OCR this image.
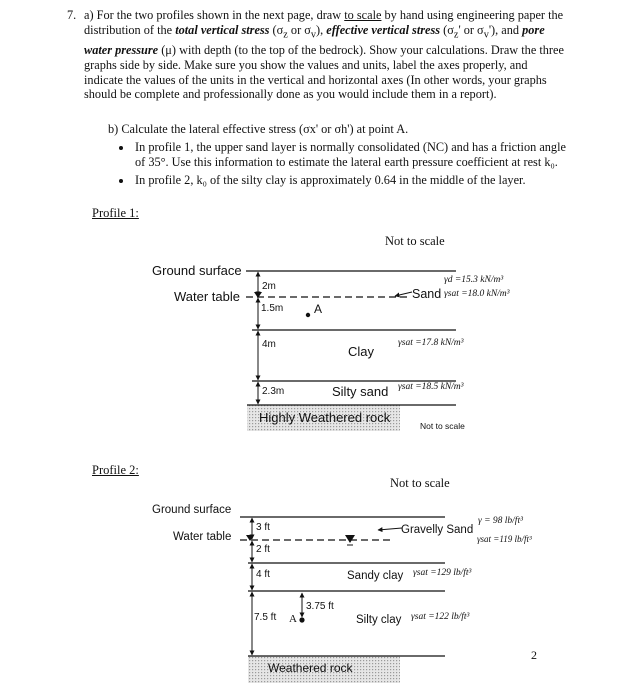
7. a) For the two profiles shown in the next page, draw to scale by hand using engineering paper the distribution of the total vertical stress ($\sigma_z$ or $\sigma_v$), effective vertical stress ($\sigma_z'$ or $\sigma_v'$), and pore water pressure (μ) with depth (to the top of the bedrock). Show your calculations. Draw the three graphs side by side. Make sure you show the values and units, label the axes properly, and indicate the values of the units in the vertical and horizontal axes (In other words, your graphs should be complete and professionally done as you would include them in a report).
b) Calculate the lateral effective stress (σx' or σh') at point A.
• In profile 1, the upper sand layer is normally consolidated (NC) and has a friction angle of 35°. Use this information to estimate the lateral earth pressure coefficient at rest k₀.
• In profile 2, k₀ of the silty clay is approximately 0.64 in the middle of the layer.
Profile 1:
Not to scale
Ground surface
Water table
2m
1.5m	A
Sand
γd =15.3 kN/m³
γsat =18.0 kN/m³
4m	Clay
γsat =17.8 kN/m³
2.3m	Silty sand γsat =18.5 kN/m³
Highly Weathered rock
Not to scale
Profile 2:
Not to scale
Ground surface
Water table
3 ft
2 ft
Gravelly Sand
γ = 98 lb/ft³
γsat =119 lb/ft³
4 ft	Sandy clay γsat =129 lb/ft³
7.5 ft
3.75 ft
A	Silty clay γsat =122 lb/ft³
Weathered rock
2
